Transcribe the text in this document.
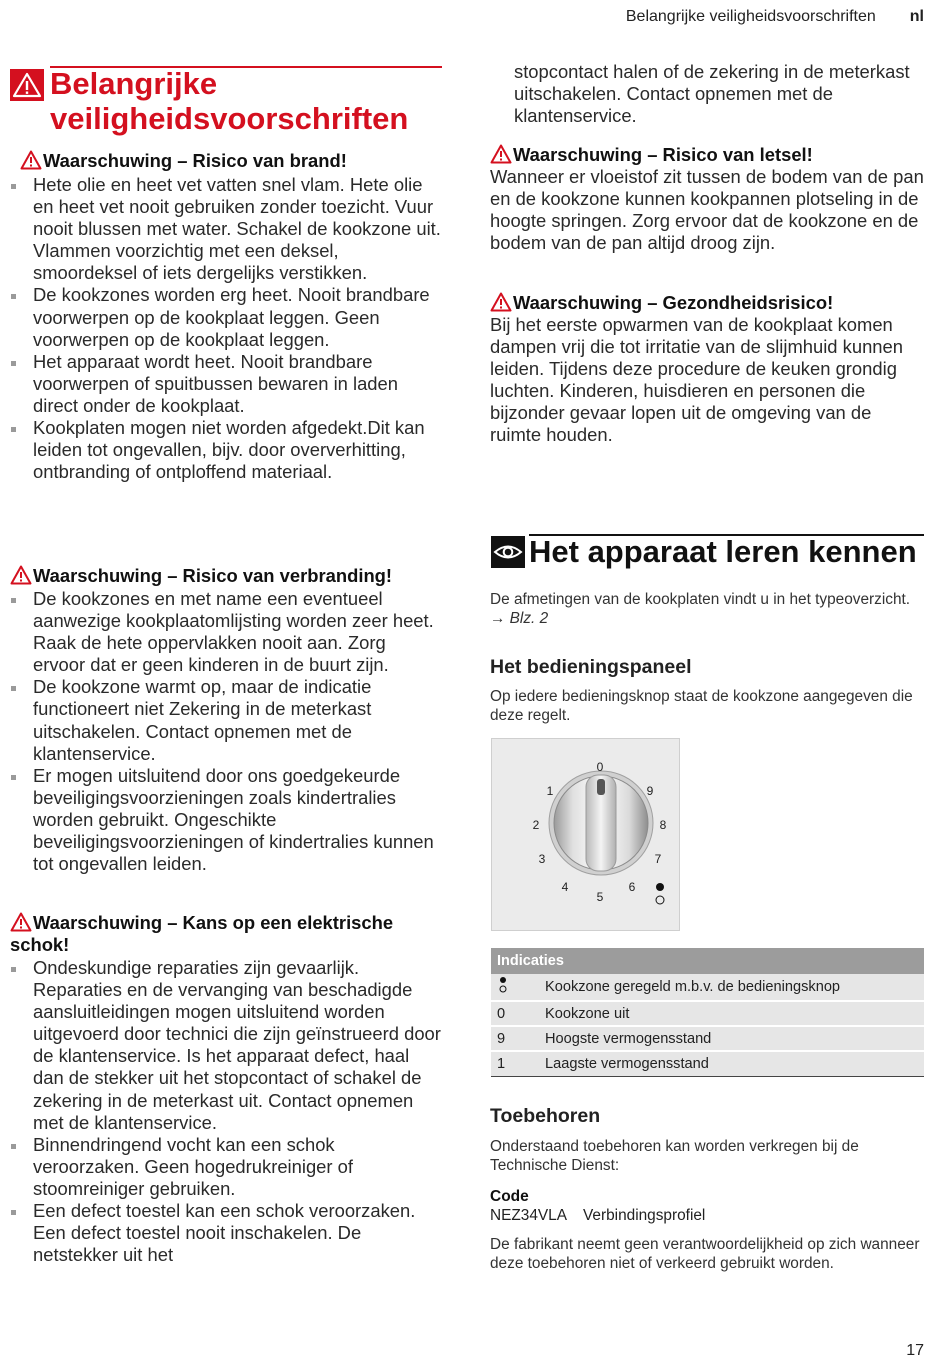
Belangrijke veiligheidsvoorschriften nl
Belangrijke veiligheidsvoorschriften
Waarschuwing – Risico van brand!
Hete olie en heet vet vatten snel vlam. Hete olie en heet vet nooit gebruiken zonder toezicht. Vuur nooit blussen met water. Schakel de kookzone uit. Vlammen voorzichtig met een deksel, smoordeksel of iets dergelijks verstikken.
De kookzones worden erg heet. Nooit brandbare voorwerpen op de kookplaat leggen. Geen voorwerpen op de kookplaat leggen.
Het apparaat wordt heet. Nooit brandbare voorwerpen of spuitbussen bewaren in laden direct onder de kookplaat.
Kookplaten mogen niet worden afgedekt.Dit kan leiden tot ongevallen, bijv. door oververhitting, ontbranding of ontploffend materiaal.
Waarschuwing – Risico van verbranding!
De kookzones en met name een eventueel aanwezige kookplaatomlijsting worden zeer heet. Raak de hete oppervlakken nooit aan. Zorg ervoor dat er geen kinderen in de buurt zijn.
De kookzone warmt op, maar de indicatie functioneert niet Zekering in de meterkast uitschakelen. Contact opnemen met de klantenservice.
Er mogen uitsluitend door ons goedgekeurde beveiligingsvoorzieningen zoals kindertralies worden gebruikt. Ongeschikte beveiligingsvoorzieningen of kindertralies kunnen tot ongevallen leiden.
Waarschuwing – Kans op een elektrische schok!
Ondeskundige reparaties zijn gevaarlijk. Reparaties en de vervanging van beschadigde aansluitleidingen mogen uitsluitend worden uitgevoerd door technici die zijn geïnstrueerd door de klantenservice. Is het apparaat defect, haal dan de stekker uit het stopcontact of schakel de zekering in de meterkast uit. Contact opnemen met de klantenservice.
Binnendringend vocht kan een schok veroorzaken. Geen hogedrukreiniger of stoomreiniger gebruiken.
Een defect toestel kan een schok veroorzaken. Een defect toestel nooit inschakelen. De netstekker uit het
stopcontact halen of de zekering in de meterkast uitschakelen. Contact opnemen met de klantenservice.
Waarschuwing – Risico van letsel!
Wanneer er vloeistof zit tussen de bodem van de pan en de kookzone kunnen kookpannen plotseling in de hoogte springen. Zorg ervoor dat de kookzone en de bodem van de pan altijd droog zijn.
Waarschuwing – Gezondheidsrisico!
Bij het eerste opwarmen van de kookplaat komen dampen vrij die tot irritatie van de slijmhuid kunnen leiden. Tijdens deze procedure de keuken grondig luchten. Kinderen, huisdieren en personen die bijzonder gevaar lopen uit de omgeving van de ruimte houden.
Het apparaat leren kennen
De afmetingen van de kookplaten vindt u in het typeoverzicht. → Blz. 2
Het bedieningspaneel
Op iedere bedieningsknop staat de kookzone aangegeven die deze regelt.
0
1
2
3
4
5
6
7
8
9
Indicaties	
	Kookzone geregeld m.b.v. de bedieningsknop
0	Kookzone uit
9	Hoogste vermogensstand
1	Laagste vermogensstand
Toebehoren
Onderstaand toebehoren kan worden verkregen bij de Technische Dienst:
Code
NEZ34VLA Verbindingsprofiel
De fabrikant neemt geen verantwoordelijkheid op zich wanneer deze toebehoren niet of verkeerd gebruikt worden.
17
